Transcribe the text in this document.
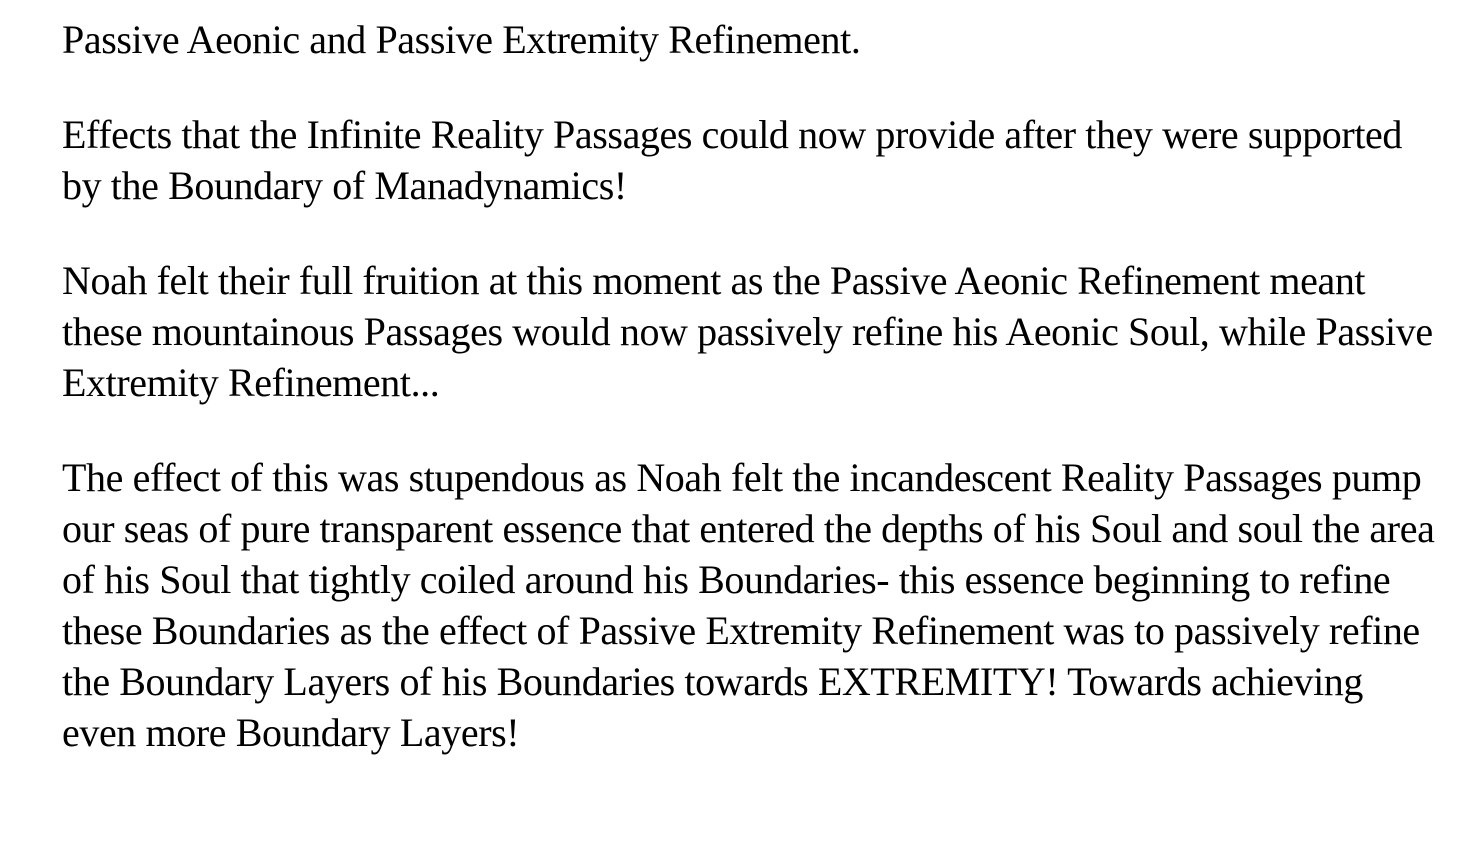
Passive Aeonic and Passive Extremity Refinement.

Effects that the Infinite Reality Passages could now provide after they were supported by the Boundary of Manadynamics!

Noah felt their full fruition at this moment as the Passive Aeonic Refinement meant these mountainous Passages would now passively refine his Aeonic Soul, while Passive Extremity Refinement...

The effect of this was stupendous as Noah felt the incandescent Reality Passages pump our seas of pure transparent essence that entered the depths of his Soul and soul the area of his Soul that tightly coiled around his Boundaries- this essence beginning to refine these Boundaries as the effect of Passive Extremity Refinement was to passively refine the Boundary Layers of his Boundaries towards EXTREMITY! Towards achieving even more Boundary Layers!
